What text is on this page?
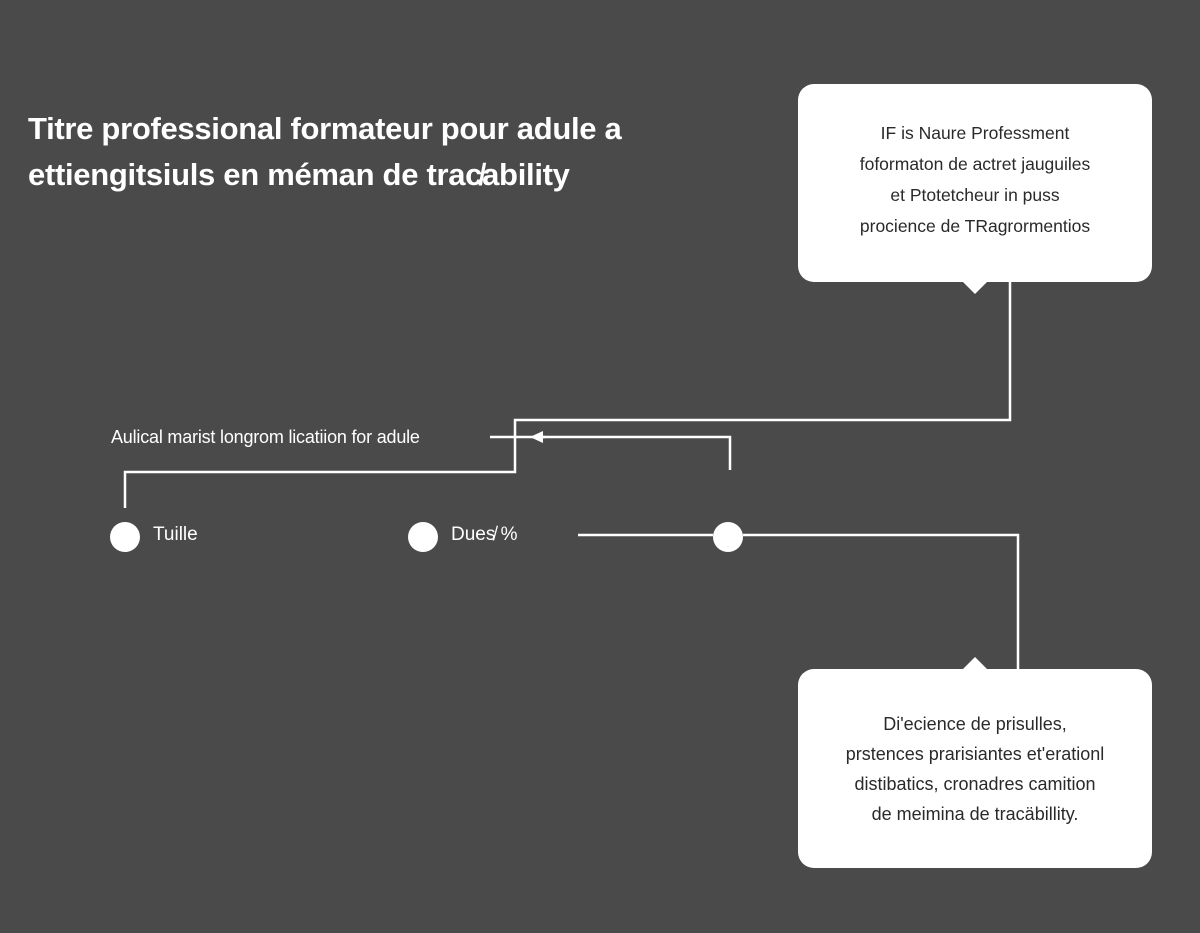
Titre professional formateur pour adule a
ettiengitsiuls en méman de trac̸ability
IF is Naure Professment
foformaton de actret jauguiles
et Ptotetcheur in puss
procience de TRagrormentios
Aulical marist longrom licatiion for adule
Tuille	Dues̸ %
Di'ecience de prisulles,
prstences prarisiantes et'erationl
distibatics, cronadres camition
de meimina de tracäbillity.
